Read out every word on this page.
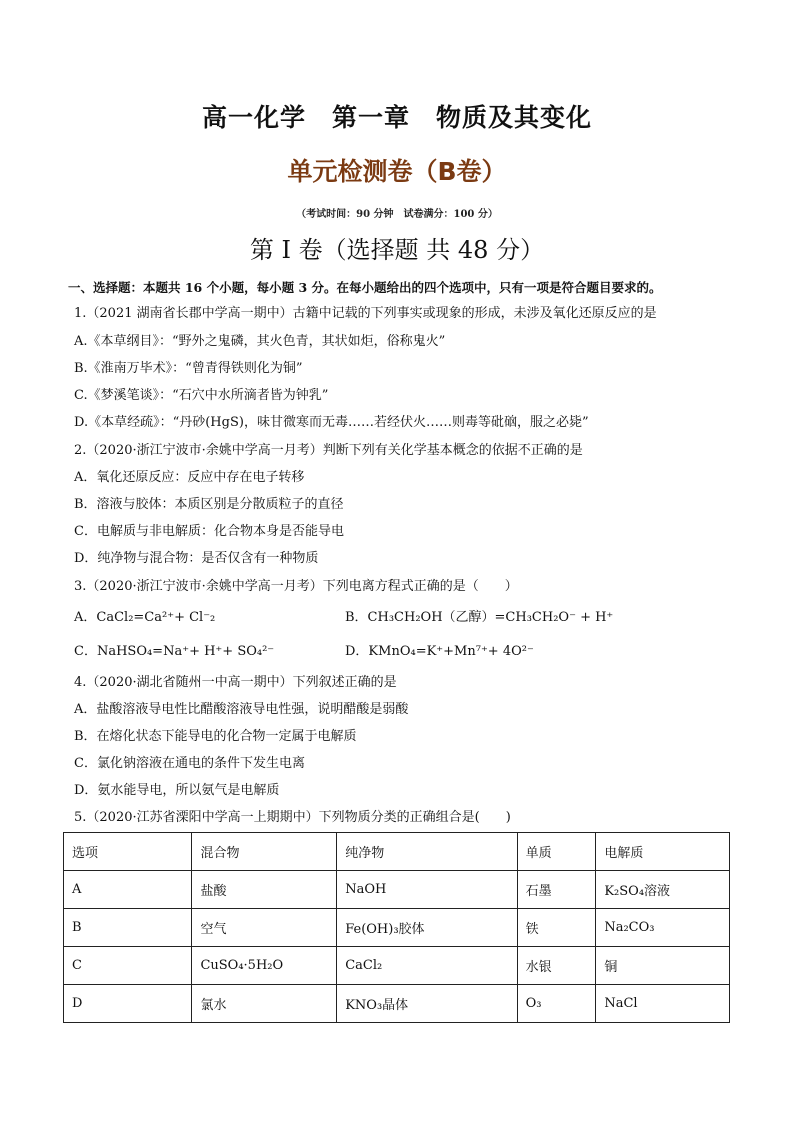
高一化学　第一章　物质及其变化
单元检测卷（B卷）
（考试时间：90 分钟　试卷满分：100 分）
第 I 卷（选择题 共 48 分）
一、选择题：本题共 16 个小题，每小题 3 分。在每小题给出的四个选项中，只有一项是符合题目要求的。
1.（2021 湖南省长郡中学高一期中）古籍中记载的下列事实或现象的形成，未涉及氧化还原反应的是
A.《本草纲目》：“野外之鬼磷，其火色青，其状如炬，俗称鬼火”
B.《淮南万毕术》：“曾青得铁则化为铜”
C.《梦溪笔谈》：“石穴中水所滴者皆为钟乳”
D.《本草经疏》：“丹砂(HgS)，味甘微寒而无毒……若经伏火……则毒等砒硇，服之必毙”
2.（2020·浙江宁波市·余姚中学高一月考）判断下列有关化学基本概念的依据不正确的是
A．氧化还原反应：反应中存在电子转移
B．溶液与胶体：本质区别是分散质粒子的直径
C．电解质与非电解质：化合物本身是否能导电
D．纯净物与混合物：是否仅含有一种物质
3.（2020·浙江宁波市·余姚中学高一月考）下列电离方程式正确的是（　　）
A．CaCl₂=Ca²⁺+ Cl⁻₂	B．CH₃CH₂OH（乙醇）=CH₃CH₂O⁻ + H⁺
C．NaHSO₄=Na⁺+ H⁺+ SO₄²⁻	D．KMnO₄=K⁺+Mn⁷⁺+ 4O²⁻
4.（2020·湖北省随州一中高一期中）下列叙述正确的是
A．盐酸溶液导电性比醋酸溶液导电性强，说明醋酸是弱酸
B．在熔化状态下能导电的化合物一定属于电解质
C．氯化钠溶液在通电的条件下发生电离
D．氨水能导电，所以氨气是电解质
5.（2020·江苏省溧阳中学高一上期期中）下列物质分类的正确组合是(　　)
选项	混合物	纯净物	单质	电解质
A	盐酸	NaOH	石墨	K₂SO₄溶液
B	空气	Fe(OH)₃胶体	铁	Na₂CO₃
C	CuSO₄·5H₂O	CaCl₂	水银	铜
D	氯水	KNO₃晶体	O₃	NaCl
